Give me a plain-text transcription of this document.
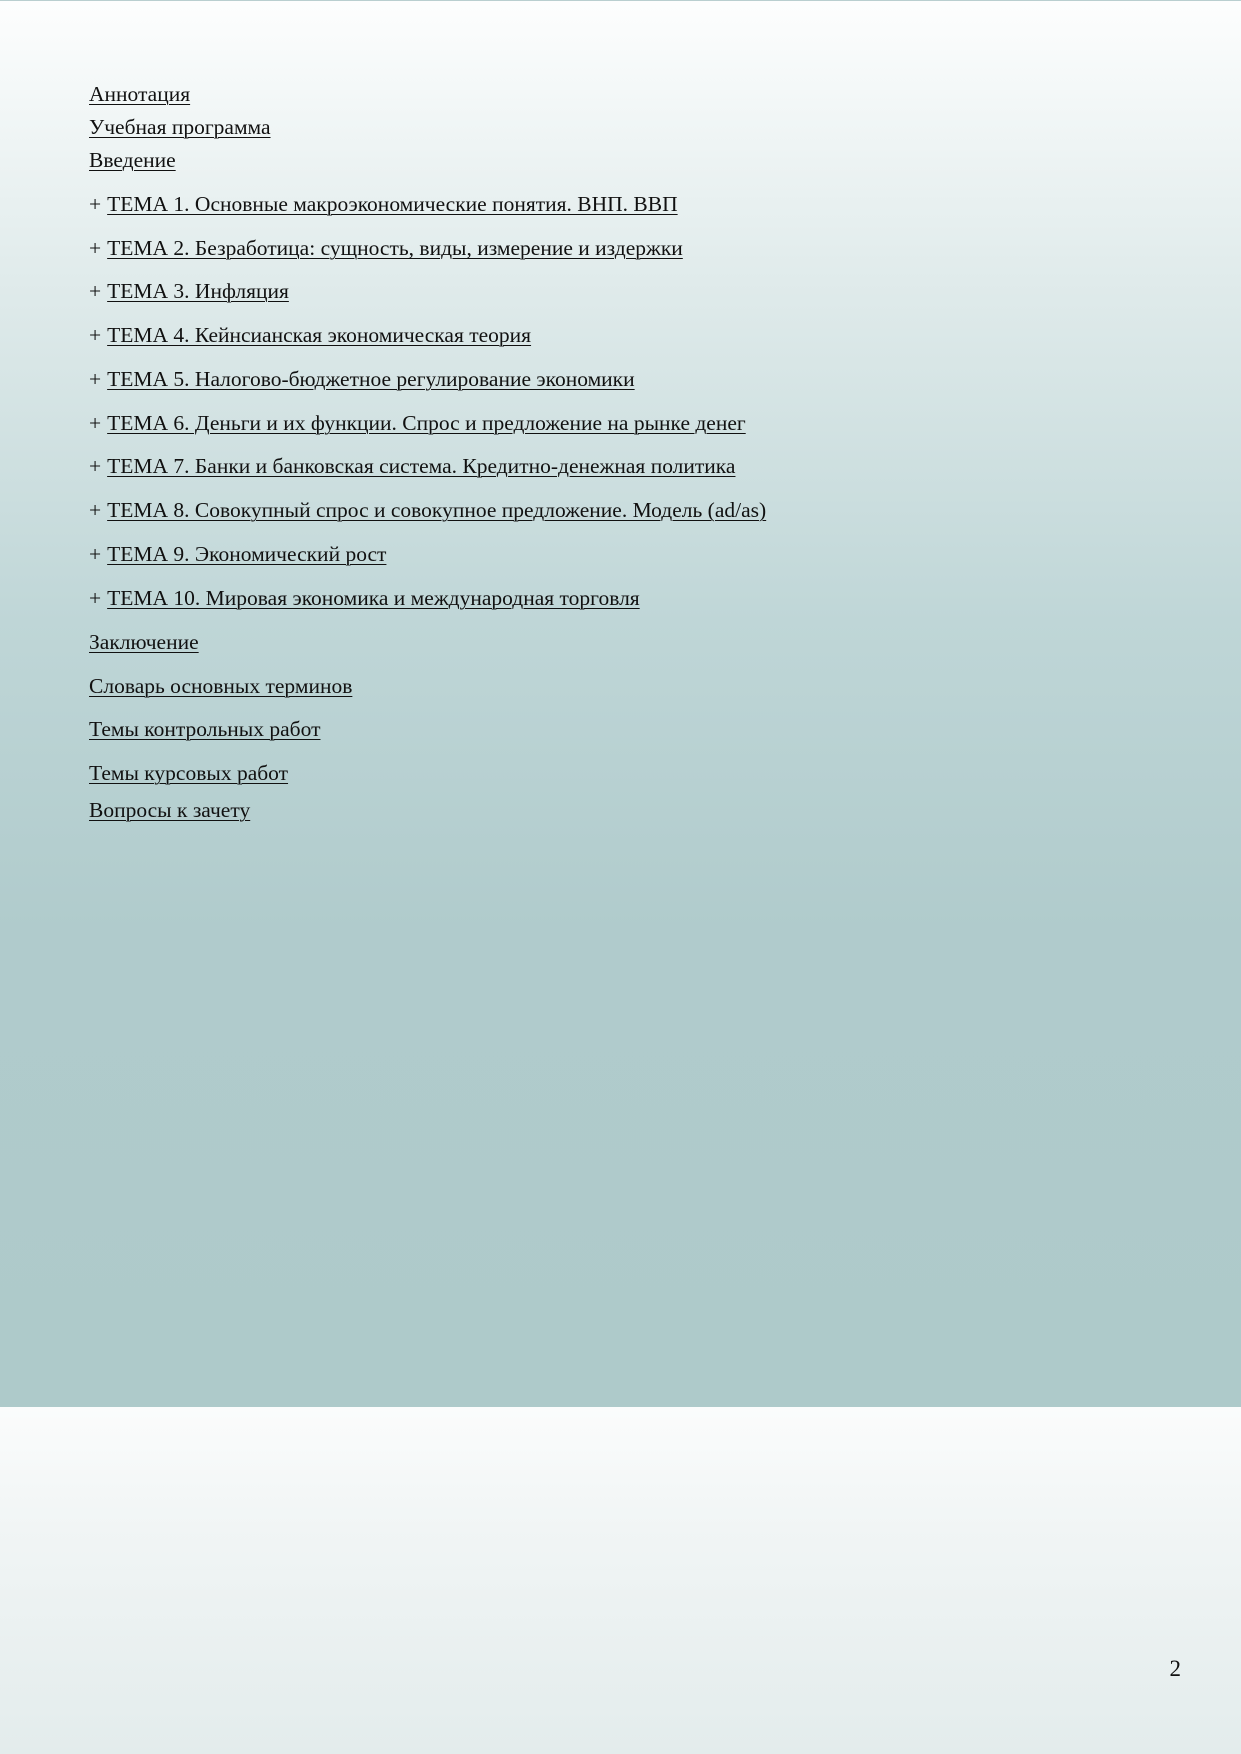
Аннотация
Учебная программа
Введение
+ ТЕМА 1. Основные макроэкономические понятия. ВНП. ВВП
+ ТЕМА 2. Безработица: сущность, виды, измерение и издержки
+ ТЕМА 3. Инфляция
+ ТЕМА 4. Кейнсианская экономическая теория
+ ТЕМА 5. Налогово-бюджетное регулирование экономики
+ ТЕМА 6. Деньги и их функции. Спрос и предложение на рынке денег
+ ТЕМА 7. Банки и банковская система. Кредитно-денежная политика
+ ТЕМА 8. Совокупный спрос и совокупное предложение. Модель (ad/as)
+ ТЕМА 9. Экономический рост
+ ТЕМА 10. Мировая экономика и международная торговля
Заключение
Словарь основных терминов
Темы контрольных работ
Темы курсовых работ
Вопросы к зачету
2
